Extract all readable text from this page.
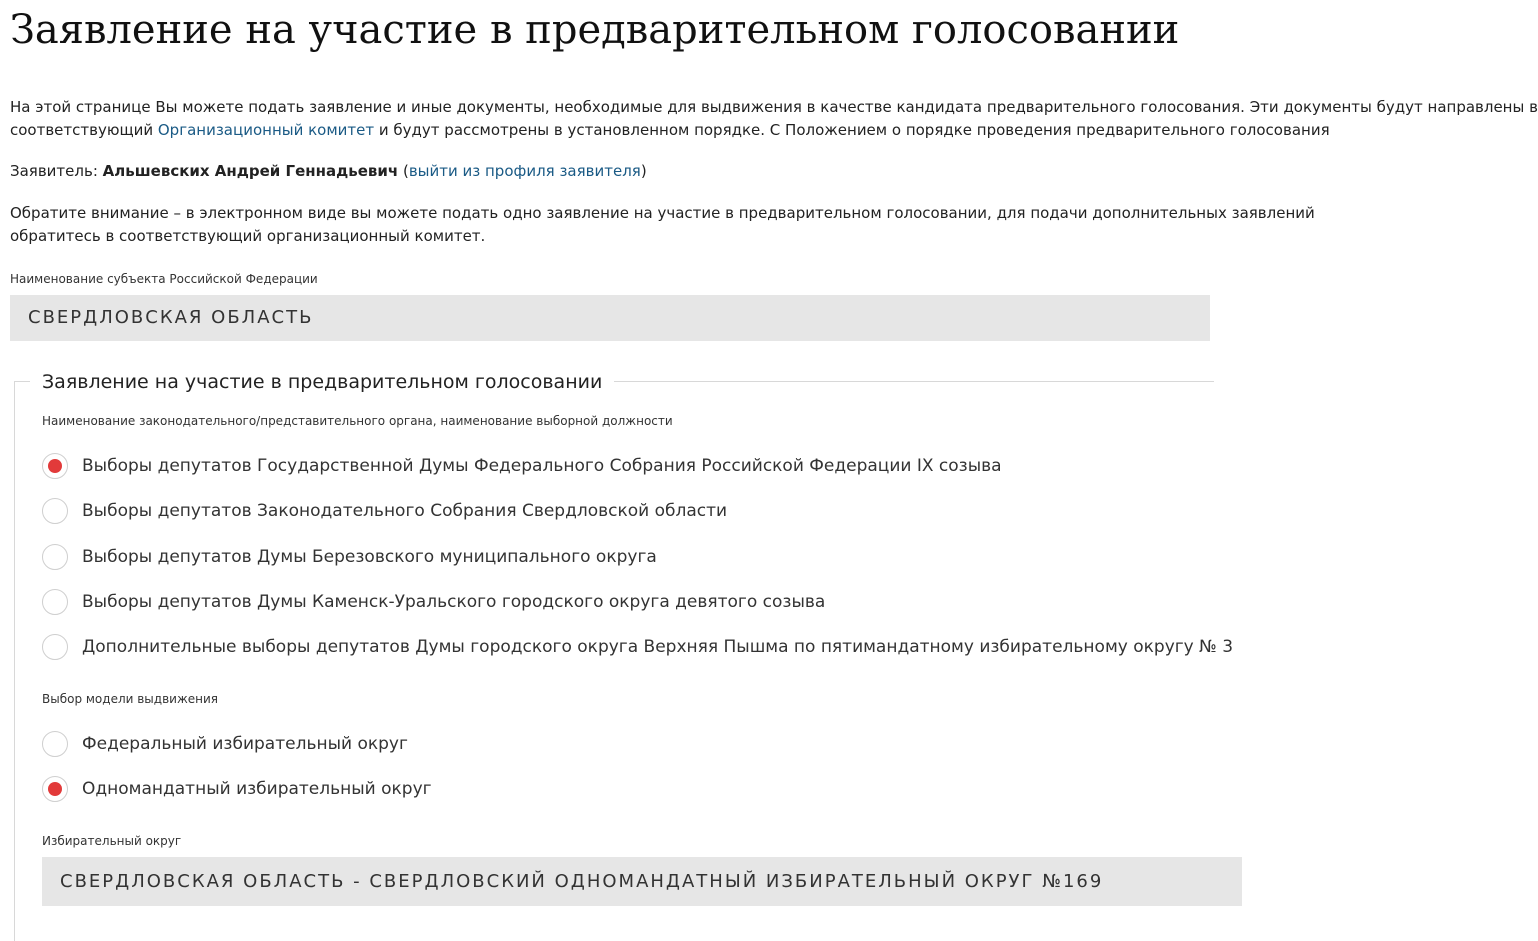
Заявление на участие в предварительном голосовании

На этой странице Вы можете подать заявление и иные документы, необходимые для выдвижения в качестве кандидата предварительного голосования. Эти документы будут направлены в
соответствующий Организационный комитет и будут рассмотрены в установленном порядке. С Положением о порядке проведения предварительного голосования

Заявитель: Альшевских Андрей Геннадьевич (выйти из профиля заявителя)

Обратите внимание – в электронном виде вы можете подать одно заявление на участие в предварительном голосовании, для подачи дополнительных заявлений
обратитесь в соответствующий организационный комитет.

Наименование субъекта Российской Федерации
СВЕРДЛОВСКАЯ ОБЛАСТЬ
Заявление на участие в предварительном голосовании
Наименование законодательного/представительного органа, наименование выборной должности
Выборы депутатов Государственной Думы Федерального Собрания Российской Федерации IX созыва
Выборы депутатов Законодательного Собрания Свердловской области
Выборы депутатов Думы Березовского муниципального округа
Выборы депутатов Думы Каменск-Уральского городского округа девятого созыва
Дополнительные выборы депутатов Думы городского округа Верхняя Пышма по пятимандатному избирательному округу № 3
Выбор модели выдвижения
Федеральный избирательный округ
Одномандатный избирательный округ
Избирательный округ
СВЕРДЛОВСКАЯ ОБЛАСТЬ - СВЕРДЛОВСКИЙ ОДНОМАНДАТНЫЙ ИЗБИРАТЕЛЬНЫЙ ОКРУГ №169
